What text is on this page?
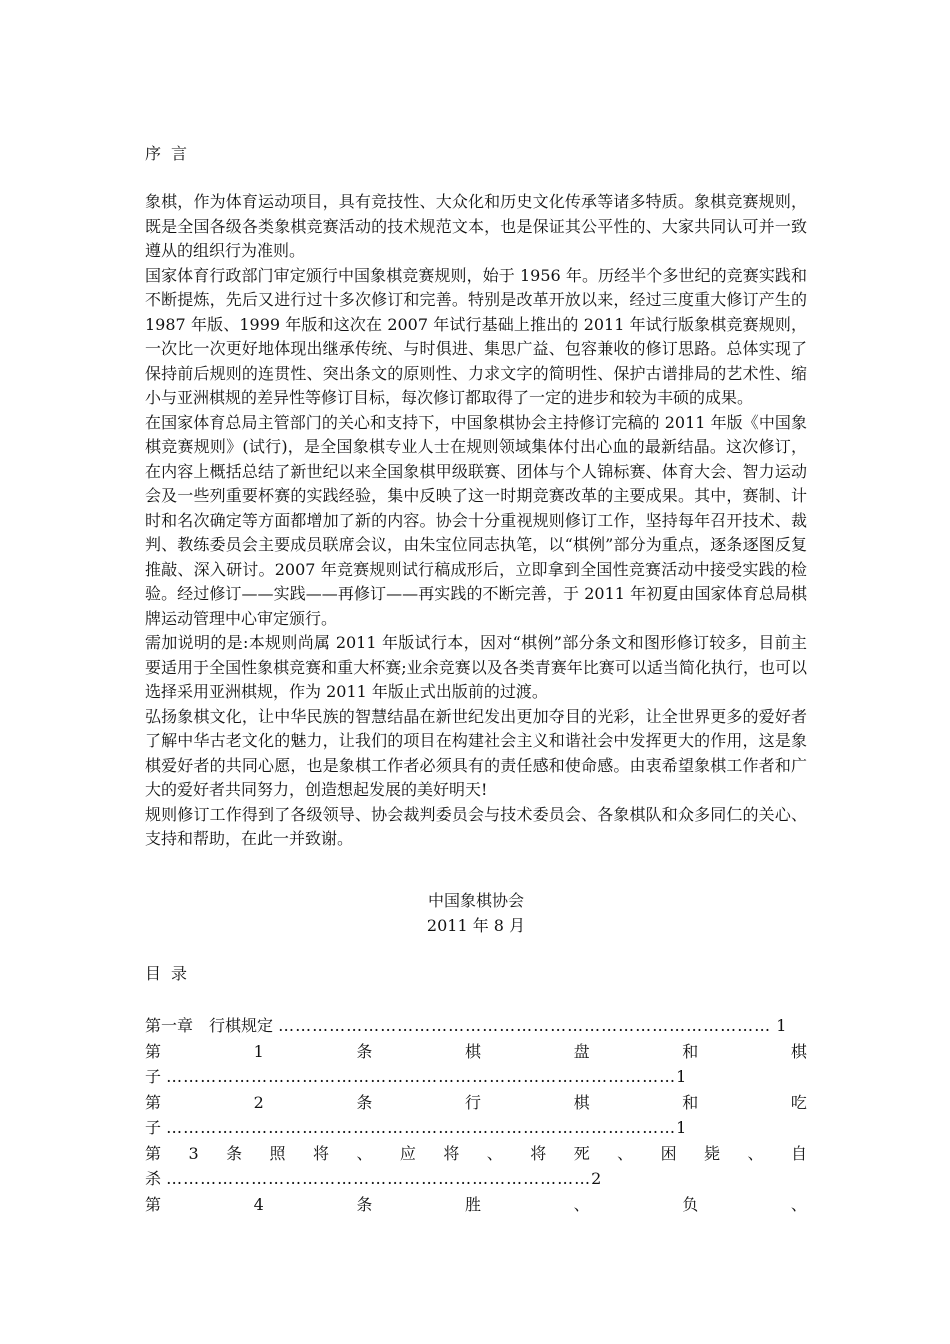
序言

象棋，作为体育运动项目，具有竞技性、大众化和历史文化传承等诸多特质。象棋竞赛规则，既是全国各级各类象棋竞赛活动的技术规范文本，也是保证其公平性的、大家共同认可并一致遵从的组织行为准则。

国家体育行政部门审定颁行中国象棋竞赛规则，始于 1956 年。历经半个多世纪的竞赛实践和不断提炼，先后又进行过十多次修订和完善。特别是改革开放以来，经过三度重大修订产生的 1987 年版、1999 年版和这次在 2007 年试行基础上推出的 2011 年试行版象棋竞赛规则，一次比一次更好地体现出继承传统、与时俱进、集思广益、包容兼收的修订思路。总体实现了保持前后规则的连贯性、突出条文的原则性、力求文字的简明性、保护古谱排局的艺术性、缩小与亚洲棋规的差异性等修订目标，每次修订都取得了一定的进步和较为丰硕的成果。

在国家体育总局主管部门的关心和支持下，中国象棋协会主持修订完稿的 2011 年版《中国象棋竞赛规则》(试行)，是全国象棋专业人士在规则领域集体付出心血的最新结晶。这次修订，在内容上概括总结了新世纪以来全国象棋甲级联赛、团体与个人锦标赛、体育大会、智力运动会及一些列重要杯赛的实践经验，集中反映了这一时期竞赛改革的主要成果。其中，赛制、计时和名次确定等方面都增加了新的内容。协会十分重视规则修订工作，坚持每年召开技术、裁判、教练委员会主要成员联席会议，由朱宝位同志执笔，以“棋例”部分为重点，逐条逐图反复推敲、深入研讨。2007 年竞赛规则试行稿成形后，立即拿到全国性竞赛活动中接受实践的检验。经过修订——实践——再修订——再实践的不断完善，于 2011 年初夏由国家体育总局棋牌运动管理中心审定颁行。

需加说明的是:本规则尚属 2011 年版试行本，因对“棋例”部分条文和图形修订较多，目前主要适用于全国性象棋竞赛和重大杯赛;业余竞赛以及各类青赛年比赛可以适当简化执行，也可以选择采用亚洲棋规，作为 2011 年版止式出版前的过渡。

弘扬象棋文化，让中华民族的智慧结晶在新世纪发出更加夺目的光彩，让全世界更多的爱好者了解中华古老文化的魅力，让我们的项目在构建社会主义和谐社会中发挥更大的作用，这是象棋爱好者的共同心愿，也是象棋工作者必须具有的责任感和使命感。由衷希望象棋工作者和广大的爱好者共同努力，创造想起发展的美好明天!

规则修订工作得到了各级领导、协会裁判委员会与技术委员会、各象棋队和众多同仁的关心、支持和帮助，在此一并致谢。

中国象棋协会
2011 年 8 月
目录
第一章　行棋规定 …………………………………………………………………………… 1
第	1	条	棋	盘	和	棋
子 ………………………………………………………………………………1
第	2	条	行	棋	和	吃
子 ………………………………………………………………………………1
第 3 条 照 将 、 应 将 、 将 死 、 困 毙 、 自
杀 …………………………………………………………………2
第	4	条	胜	、	负	、
